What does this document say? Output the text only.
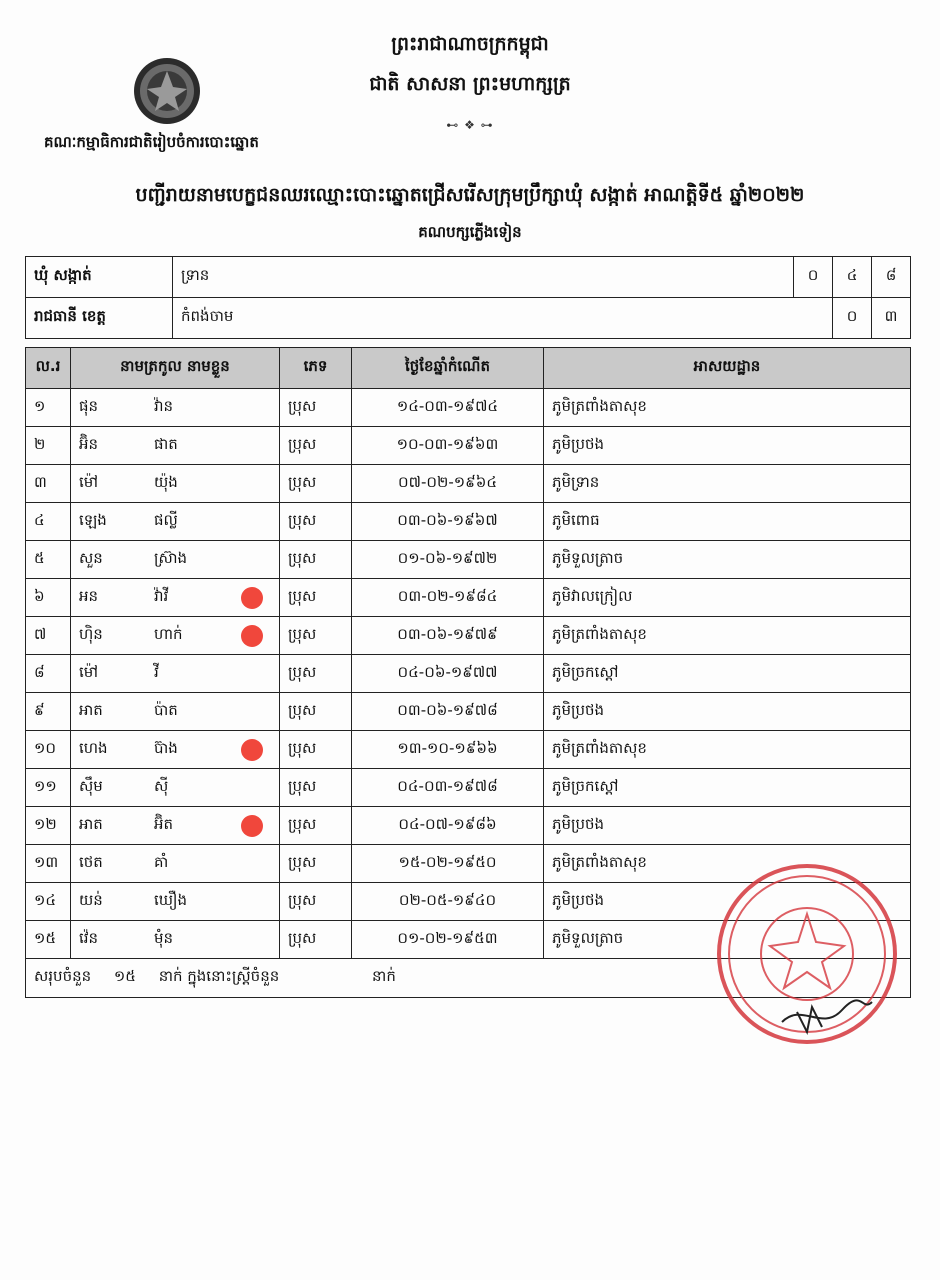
ព្រះរាជាណាចក្រកម្ពុជា
ជាតិ សាសនា ព្រះមហាក្សត្រ
⊷ ❖ ⊶
គណៈកម្មាធិការជាតិរៀបចំការបោះឆ្នោត
បញ្ជីរាយនាមបេក្ខជនឈរឈ្មោះបោះឆ្នោតជ្រើសរើសក្រុមប្រឹក្សាឃុំ សង្កាត់ អាណត្តិទី៥ ឆ្នាំ២០២២
គណបក្សភ្លើងទៀន
ឃុំ សង្កាត់	ទ្រាន	០	៤	៨
រាជធានី ខេត្ត	កំពង់ចាម		០	៣
ល.រ	នាមត្រកូល នាមខ្លួន	ភេទ	ថ្ងៃខែឆ្នាំកំណើត	អាសយដ្ឋាន
១	ផុន វ៉ាន	ប្រុស	១៤-០៣-១៩៧៤	ភូមិត្រពាំងតាសុខ
២	អ៊ិន ផាត	ប្រុស	១០-០៣-១៩៦៣	ភូមិប្រថង
៣	ម៉ៅ យ៉ុង	ប្រុស	០៧-០២-១៩៦៤	ភូមិទ្រាន
៤	ឡេង ផល្លី	ប្រុស	០៣-០៦-១៩៦៧	ភូមិពោធ
៥	សួន ស្រ៊ាង	ប្រុស	០១-០៦-១៩៧២	ភូមិទួលត្រាច
៦	អន វ៉ាវី	ប្រុស	០៣-០២-១៩៨៤	ភូមិវាលក្រៀល
៧	ហ៊ិន ហាក់	ប្រុស	០៣-០៦-១៩៧៩	ភូមិត្រពាំងតាសុខ
៨	ម៉ៅ វី	ប្រុស	០៤-០៦-១៩៧៧	ភូមិច្រកស្តៅ
៩	អាត ប៉ាត	ប្រុស	០៣-០៦-១៩៧៨	ភូមិប្រថង
១០	ហេង ប៊ាង	ប្រុស	១៣-១០-១៩៦៦	ភូមិត្រពាំងតាសុខ
១១	ស៊ឹម ស៊ី	ប្រុស	០៤-០៣-១៩៧៨	ភូមិច្រកស្តៅ
១២	អាត អ៊ិត	ប្រុស	០៤-០៧-១៩៨៦	ភូមិប្រថង
១៣	ថេត គាំ	ប្រុស	១៥-០២-១៩៥០	ភូមិត្រពាំងតាសុខ
១៤	យន់ ឃឿង	ប្រុស	០២-០៥-១៩៤០	ភូមិប្រថង
១៥	វ៉េន មុំន	ប្រុស	០១-០២-១៩៥៣	ភូមិទួលត្រាច
សរុបចំនួន ១៥ នាក់ ក្នុងនោះស្ត្រីចំនួន នាក់				
